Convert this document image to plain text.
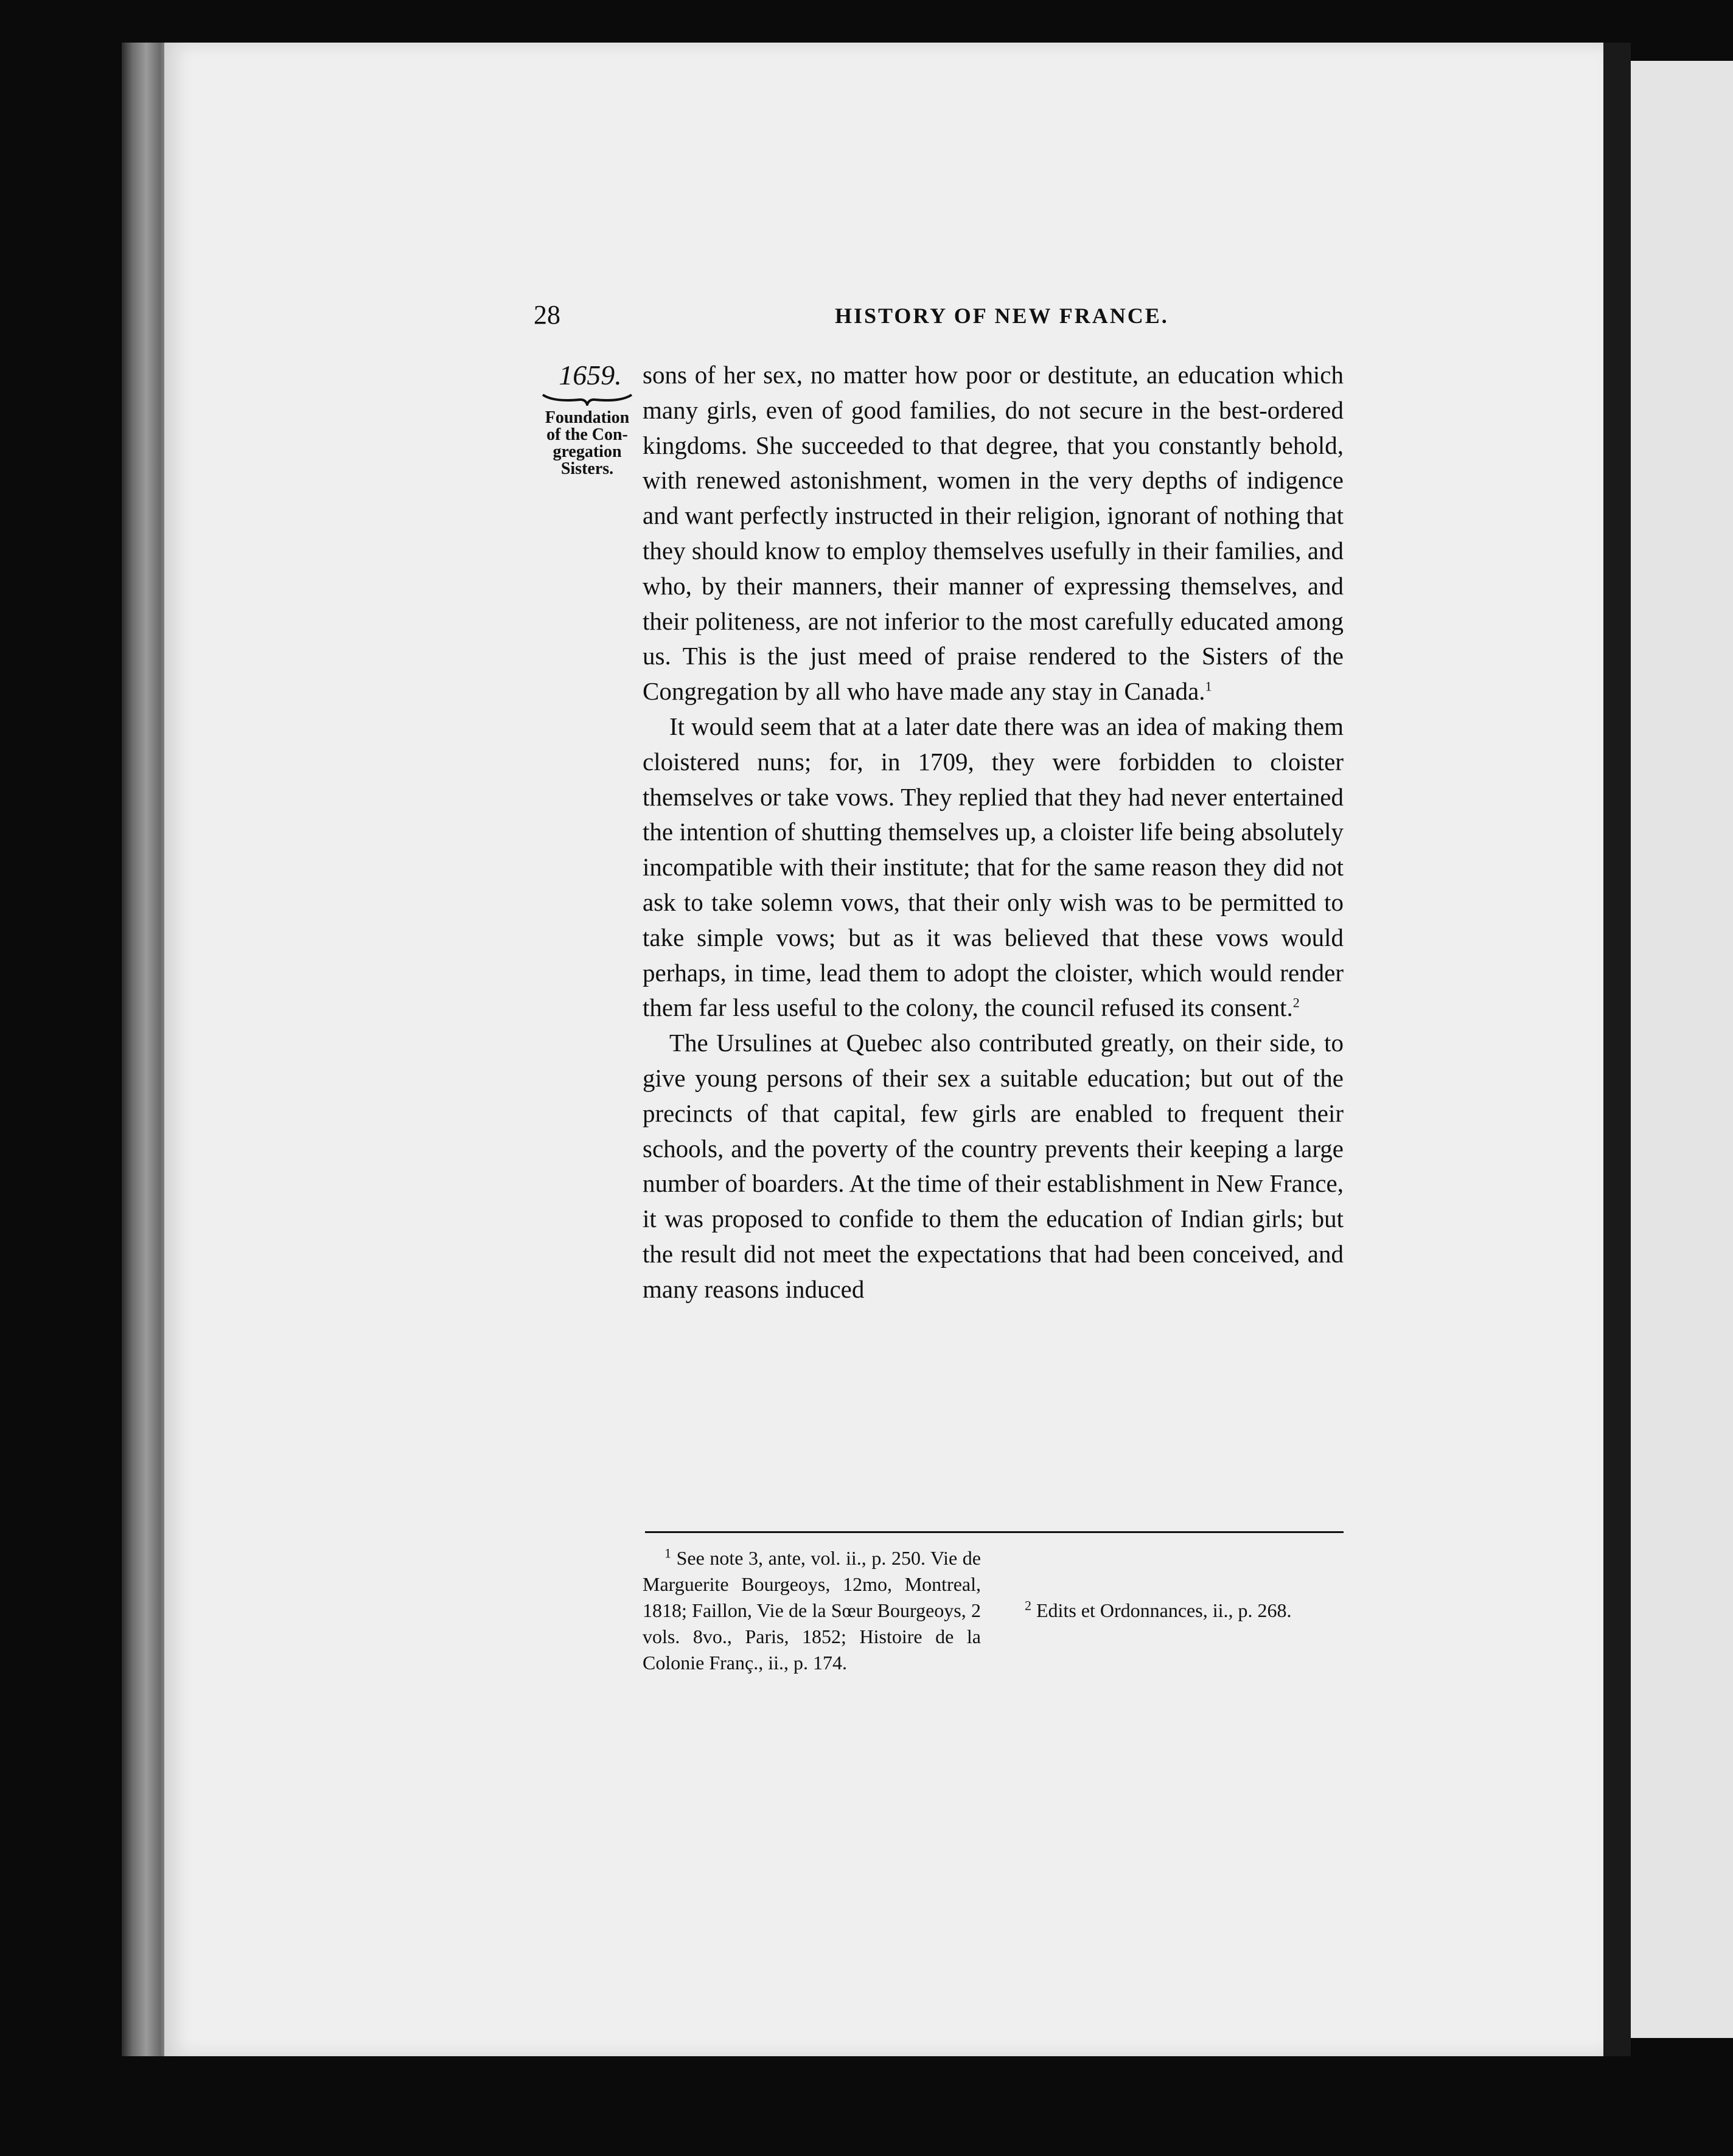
28	HISTORY OF NEW FRANCE.
1659.
Foundation
of the Con-
gregation
Sisters.

sons of her sex, no matter how poor or destitute, an education which many girls, even of good families, do not secure in the best-ordered kingdoms. She succeeded to that degree, that you constantly behold, with renewed astonishment, women in the very depths of indigence and want perfectly instructed in their religion, ignorant of nothing that they should know to employ themselves usefully in their families, and who, by their manners, their manner of expressing themselves, and their politeness, are not inferior to the most carefully educated among us. This is the just meed of praise rendered to the Sisters of the Congregation by all who have made any stay in Canada.$^1$

It would seem that at a later date there was an idea of making them cloistered nuns; for, in 1709, they were forbidden to cloister themselves or take vows. They replied that they had never entertained the intention of shutting themselves up, a cloister life being absolutely incompatible with their institute; that for the same reason they did not ask to take solemn vows, that their only wish was to be permitted to take simple vows; but as it was believed that these vows would perhaps, in time, lead them to adopt the cloister, which would render them far less useful to the colony, the council refused its consent.$^2$

The Ursulines at Quebec also contributed greatly, on their side, to give young persons of their sex a suitable education; but out of the precincts of that capital, few girls are enabled to frequent their schools, and the poverty of the country prevents their keeping a large number of boarders. At the time of their establishment in New France, it was proposed to confide to them the education of Indian girls; but the result did not meet the expectations that had been conceived, and many reasons induced

$^1$ See note 3, ante, vol. ii., p. 250. Vie de Marguerite Bourgeoys, 12mo, Montreal, 1818; Faillon, Vie de la Sœur Bourgeoys, 2 vols. 8vo., Paris, 1852; Histoire de la Colonie Franç., ii., p. 174.

$^2$ Edits et Ordonnances, ii., p. 268.
